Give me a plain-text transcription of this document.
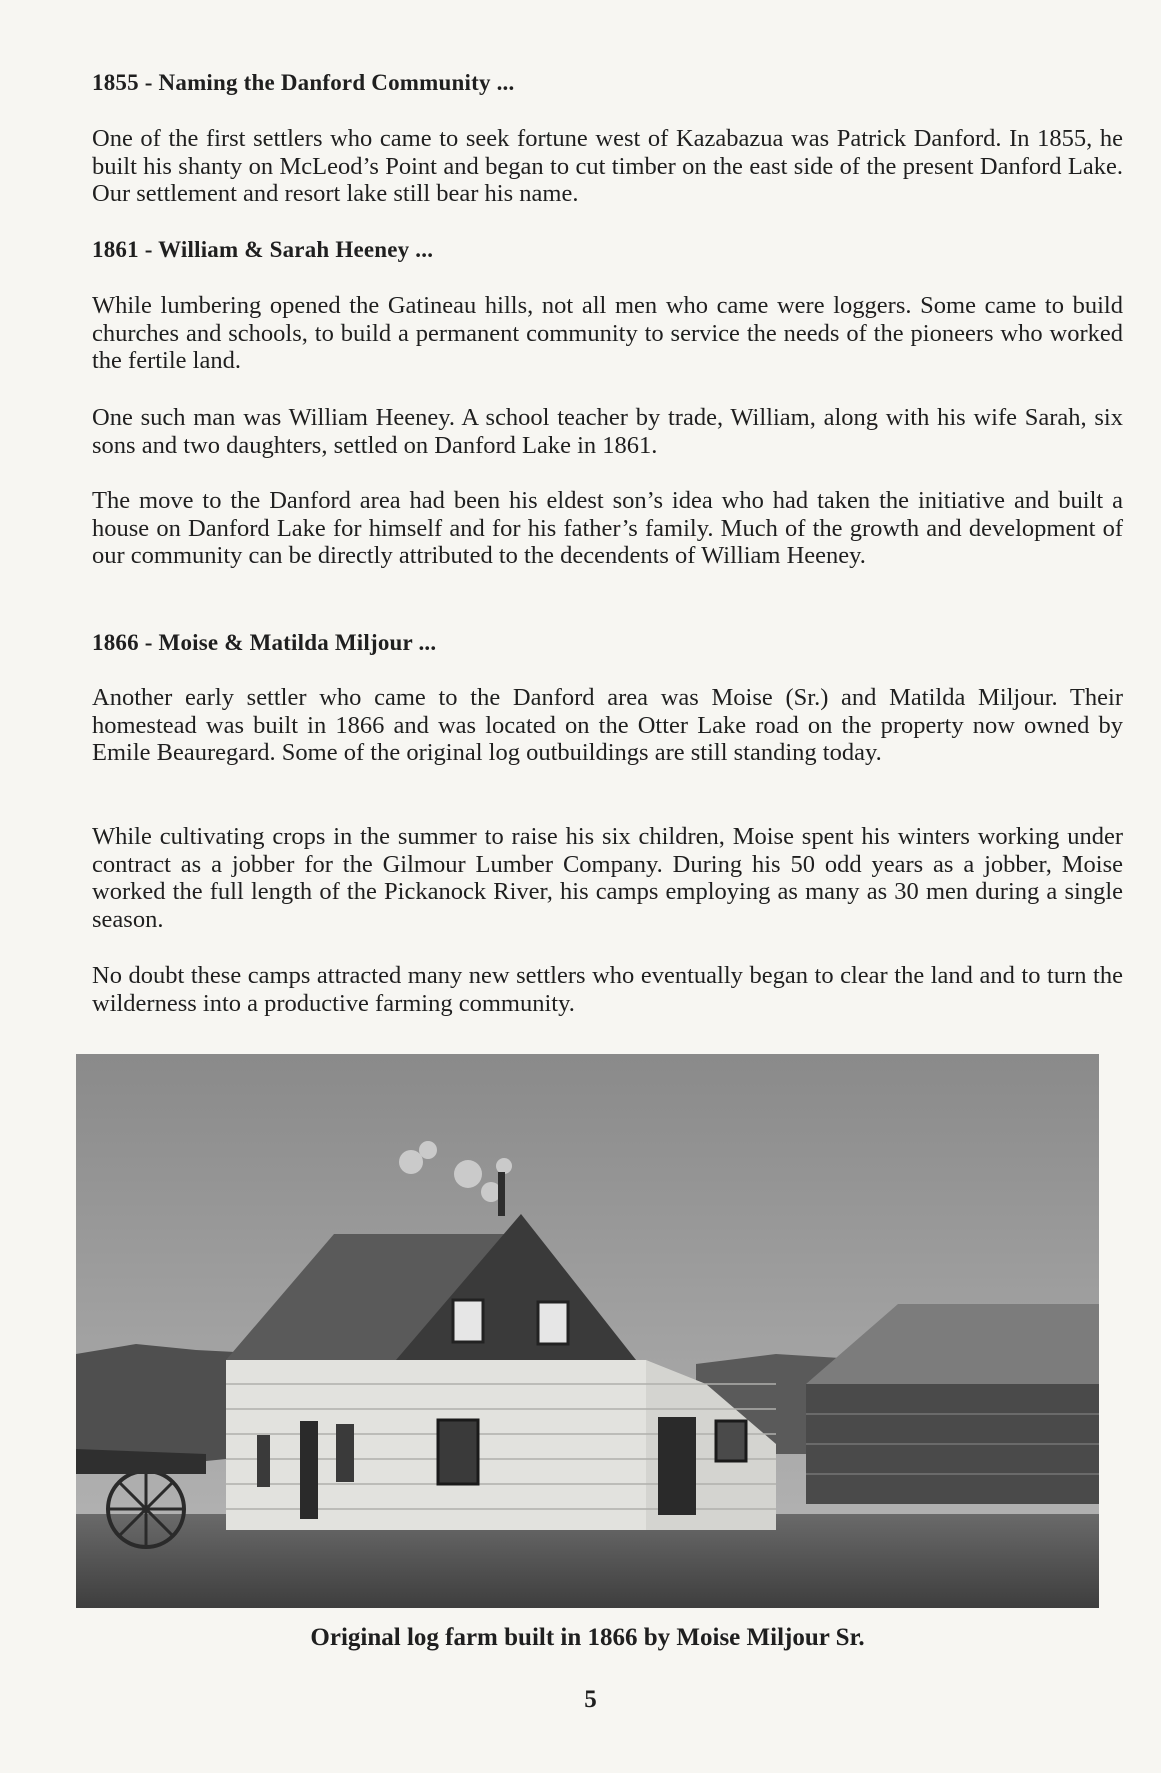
1855 - Naming the Danford Community ...

One of the first settlers who came to seek fortune west of Kazabazua was Patrick Danford. In 1855, he built his shanty on McLeod’s Point and began to cut timber on the east side of the present Danford Lake. Our settlement and resort lake still bear his name.

1861 - William & Sarah Heeney ...

While lumbering opened the Gatineau hills, not all men who came were loggers. Some came to build churches and schools, to build a permanent community to service the needs of the pioneers who worked the fertile land.

One such man was William Heeney. A school teacher by trade, William, along with his wife Sarah, six sons and two daughters, settled on Danford Lake in 1861.

The move to the Danford area had been his eldest son’s idea who had taken the initiative and built a house on Danford Lake for himself and for his father’s family. Much of the growth and development of our community can be directly attributed to the decendents of William Heeney.

1866 - Moise & Matilda Miljour ...

Another early settler who came to the Danford area was Moise (Sr.) and Matilda Miljour. Their homestead was built in 1866 and was located on the Otter Lake road on the property now owned by Emile Beauregard. Some of the original log outbuildings are still standing today.

While cultivating crops in the summer to raise his six children, Moise spent his winters working under contract as a jobber for the Gilmour Lumber Company. During his 50 odd years as a jobber, Moise worked the full length of the Pickanock River, his camps employing as many as 30 men during a single season.

No doubt these camps attracted many new settlers who eventually began to clear the land and to turn the wilderness into a productive farming community.

Original log farm built in 1866 by Moise Miljour Sr.
5
